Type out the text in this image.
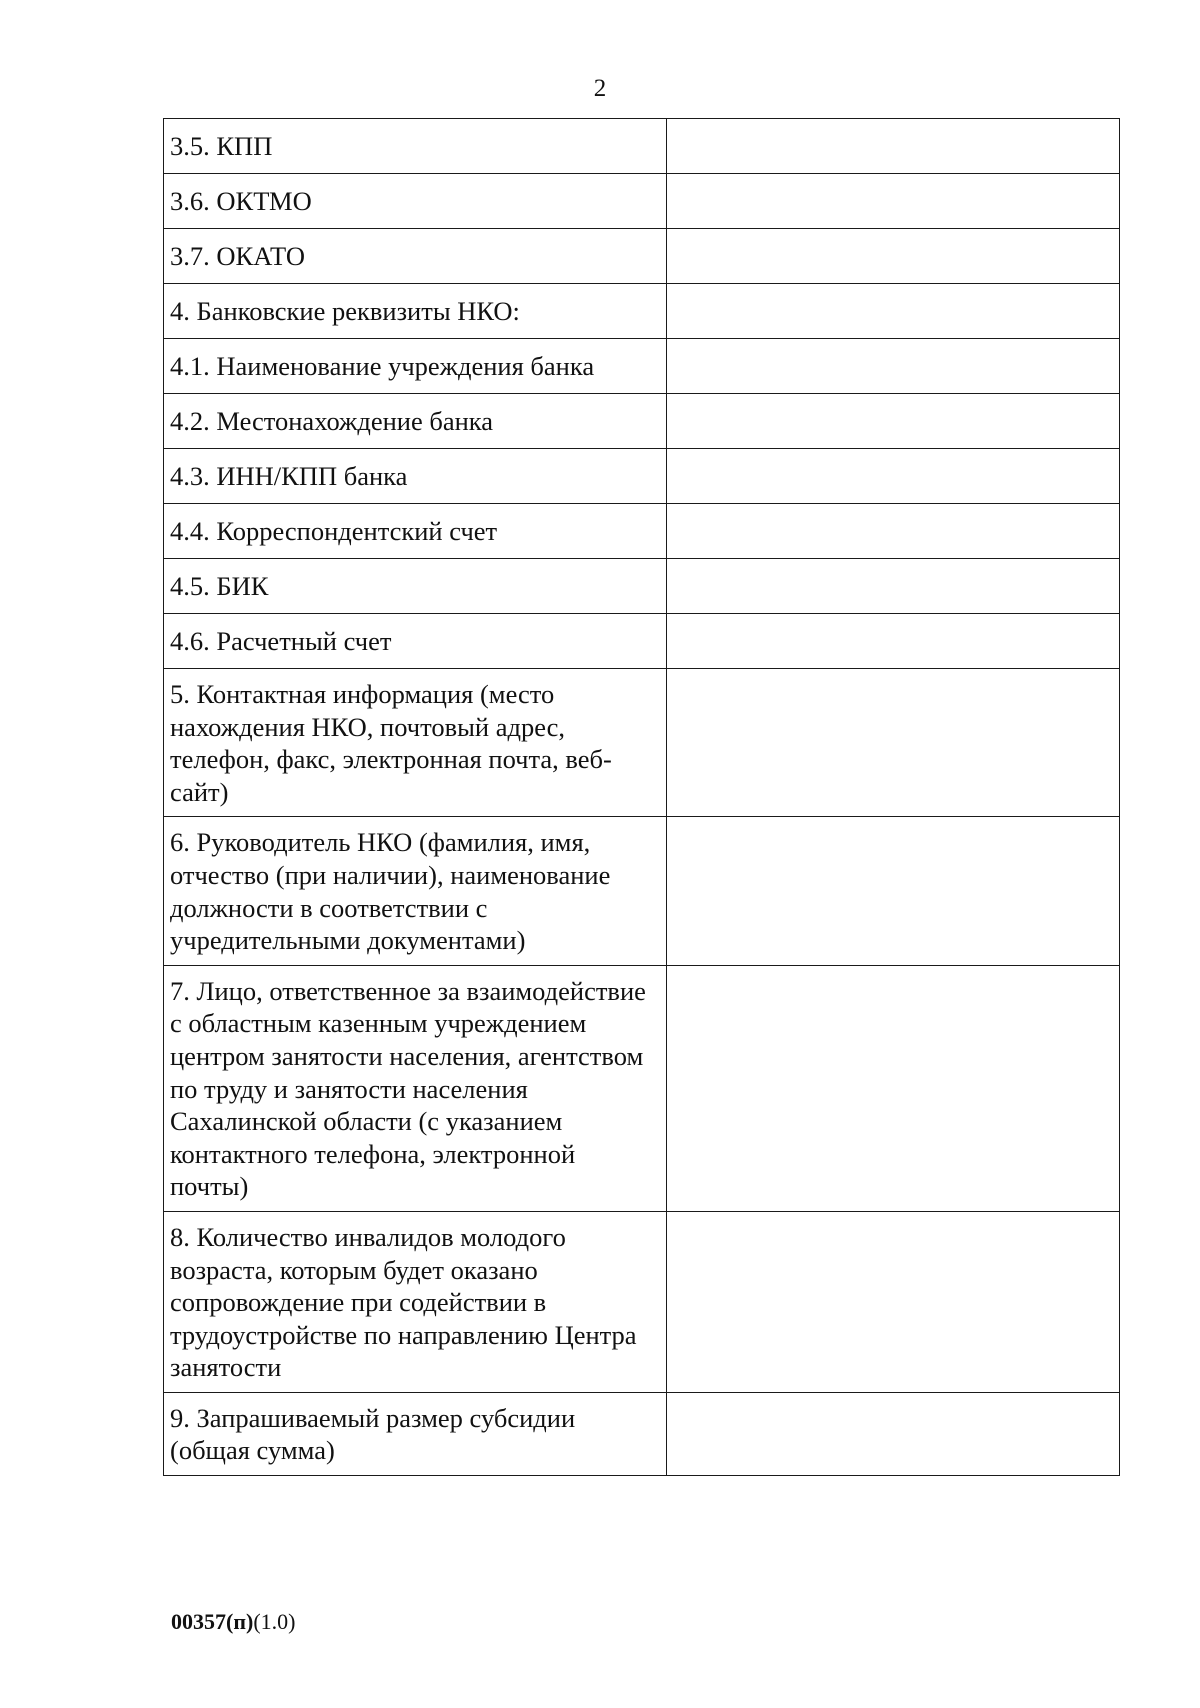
2
3.5. КПП	
3.6. ОКТМО	
3.7. ОКАТО	
4. Банковские реквизиты НКО:	
4.1. Наименование учреждения банка	
4.2. Местонахождение банка	
4.3. ИНН/КПП банка	
4.4. Корреспондентский счет	
4.5. БИК	
4.6. Расчетный счет	
5. Контактная информация (место нахождения НКО, почтовый адрес, телефон, факс, электронная почта, веб-сайт)	
6. Руководитель НКО (фамилия, имя, отчество (при наличии), наименование должности в соответствии с учредительными документами)	
7. Лицо, ответственное за взаимодействие с областным казенным учреждением центром занятости населения, агентством по труду и занятости населения Сахалинской области (с указанием контактного телефона, электронной почты)	
8. Количество инвалидов молодого возраста, которым будет оказано сопровождение при содействии в трудоустройстве по направлению Центра занятости	
9. Запрашиваемый размер субсидии (общая сумма)	
00357(п)(1.0)
